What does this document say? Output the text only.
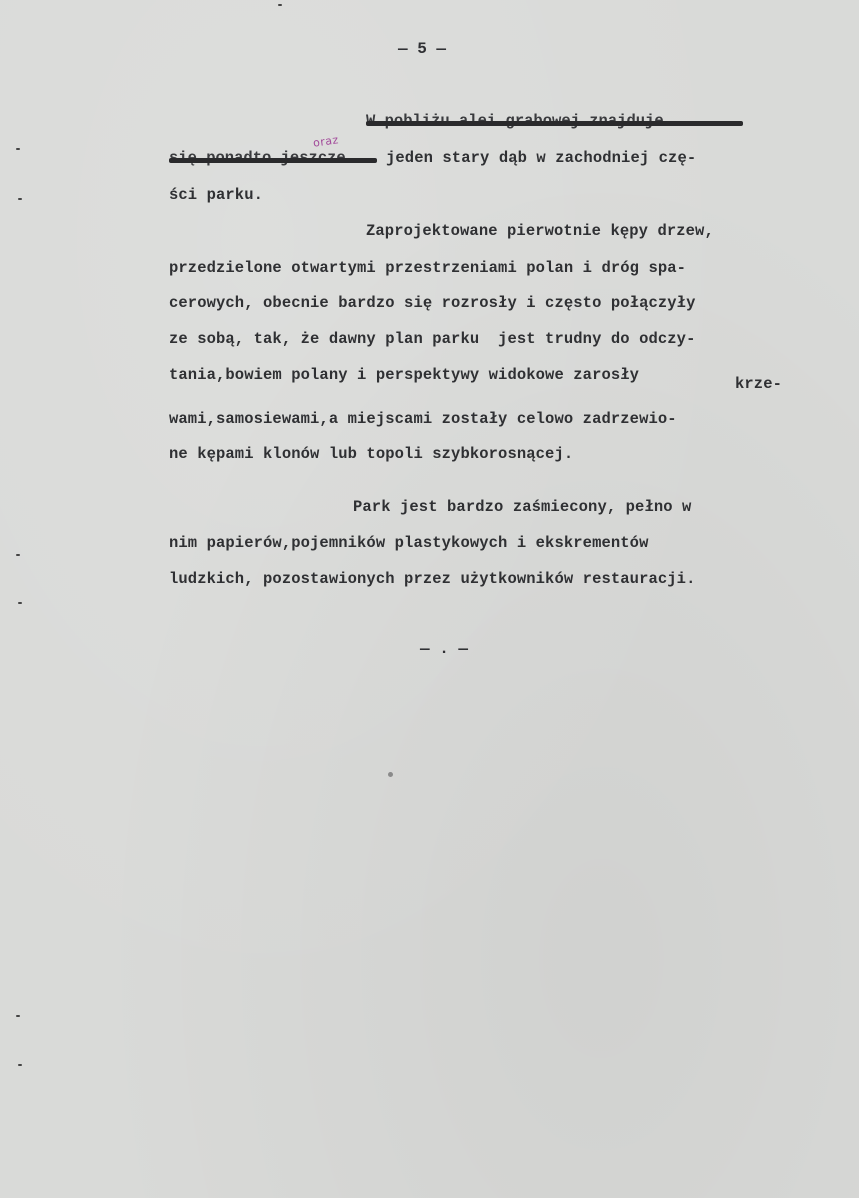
— 5 —
oraz
jeden stary dąb w zachodniej czę-
ści parku.
Zaprojektowane pierwotnie kępy drzew,
przedzielone otwartymi przestrzeniami polan i dróg spa-
cerowych, obecnie bardzo się rozrosły i często połączyły
ze sobą, tak, że dawny plan parku  jest trudny do odczy-
tania,bowiem polany i perspektywy widokowe zarosły	krze-
wami,samosiewami,a miejscami zostały celowo zadrzewio-
ne kępami klonów lub topoli szybkorosnącej.
Park jest bardzo zaśmiecony, pełno w
nim papierów,pojemników plastykowych i ekskrementów
ludzkich, pozostawionych przez użytkowników restauracji.
— . —
